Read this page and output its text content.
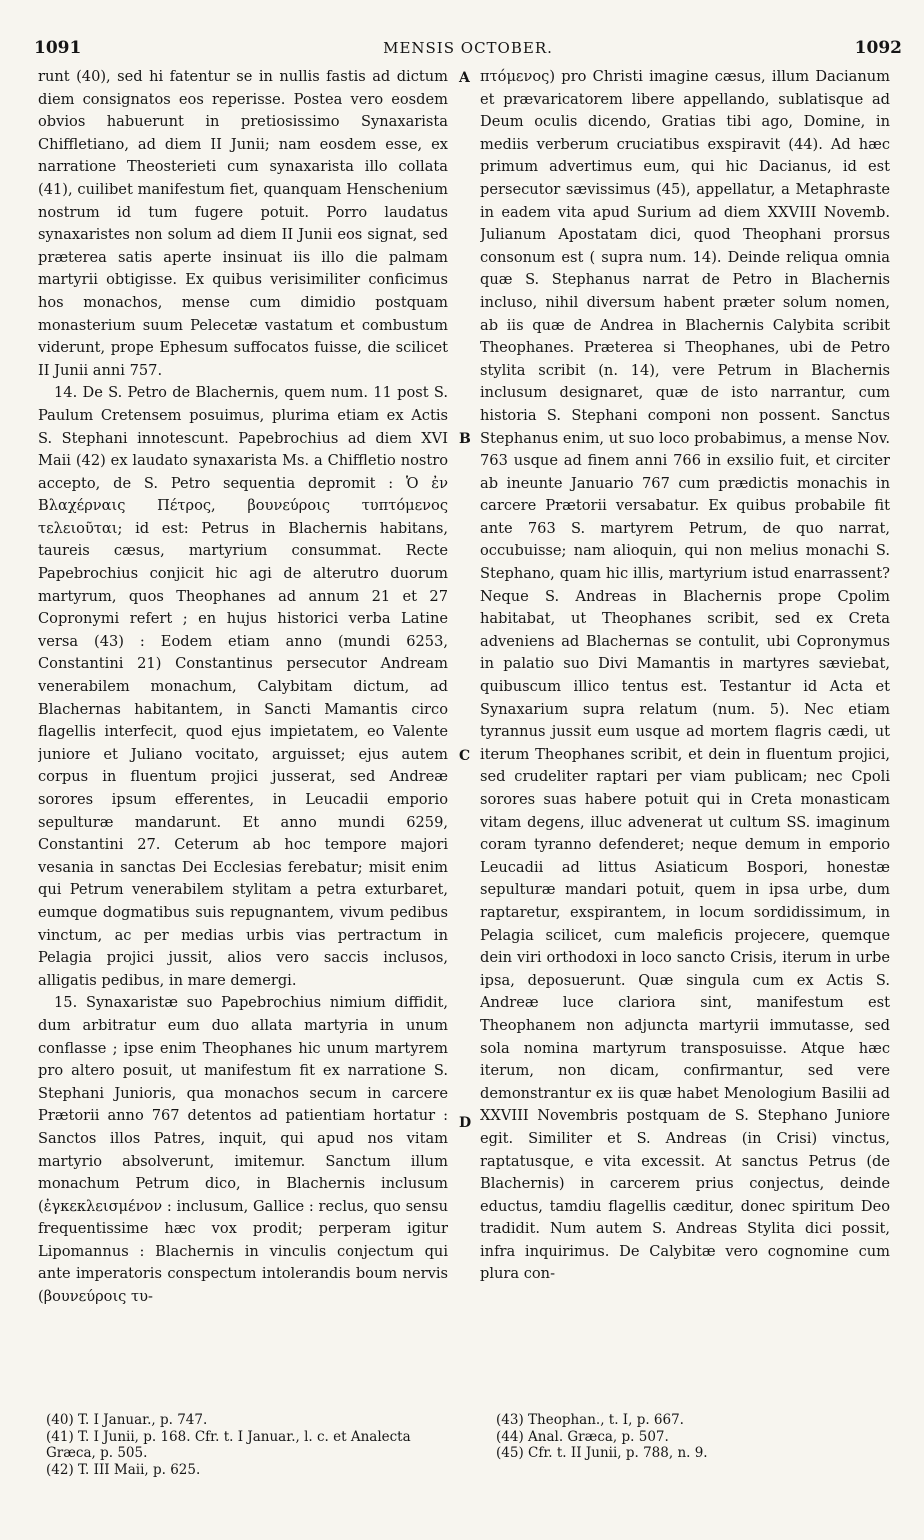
1091	MENSIS OCTOBER.	1092

runt (40), sed hi fatentur se in nullis fastis ad dictum diem consignatos eos reperisse. Postea vero eosdem obvios habuerunt in pretiosissimo Synaxarista Chiffletiano, ad diem II Junii; nam eosdem esse, ex narratione Theosterieti cum synaxarista illo collata (41), cuilibet manifestum fiet, quanquam Henschenium nostrum id tum fugere potuit. Porro laudatus synaxaristes non solum ad diem II Junii eos signat, sed præterea satis aperte insinuat iis illo die palmam martyrii obtigisse. Ex quibus verisimiliter conficimus hos monachos, mense cum dimidio postquam monasterium suum Pelecetæ vastatum et combustum viderunt, prope Ephesum suffocatos fuisse, die scilicet II Junii anni 757.

14. De S. Petro de Blachernis, quem num. 11 post S. Paulum Cretensem posuimus, plurima etiam ex Actis S. Stephani innotescunt. Papebrochius ad diem XVI Maii (42) ex laudato synaxarista Ms. a Chiffletio nostro accepto, de S. Petro sequentia depromit : Ὁ ἐν Βλαχέρναις Πέτρος, βουνεύροις τυπτόμενος τελειοῦται; id est: Petrus in Blachernis habitans, taureis cæsus, martyrium consummat. Recte Papebrochius conjicit hic agi de alterutro duorum martyrum, quos Theophanes ad annum 21 et 27 Copronymi refert ; en hujus historici verba Latine versa (43) : Eodem etiam anno (mundi 6253, Constantini 21) Constantinus persecutor Andream venerabilem monachum, Calybitam dictum, ad Blachernas habitantem, in Sancti Mamantis circo flagellis interfecit, quod ejus impietatem, eo Valente juniore et Juliano vocitato, arguisset; ejus autem corpus in fluentum projici jusserat, sed Andreæ sorores ipsum efferentes, in Leucadii emporio sepulturæ mandarunt. Et anno mundi 6259, Constantini 27. Ceterum ab hoc tempore majori vesania in sanctas Dei Ecclesias ferebatur; misit enim qui Petrum venerabilem stylitam a petra exturbaret, eumque dogmatibus suis repugnantem, vivum pedibus vinctum, ac per medias urbis vias pertractum in Pelagia projici jussit, alios vero saccis inclusos, alligatis pedibus, in mare demergi.

15. Synaxaristæ suo Papebrochius nimium diffidit, dum arbitratur eum duo allata martyria in unum conflasse ; ipse enim Theophanes hic unum martyrem pro altero posuit, ut manifestum fit ex narratione S. Stephani Junioris, qua monachos secum in carcere Prætorii anno 767 detentos ad patientiam hortatur : Sanctos illos Patres, inquit, qui apud nos vitam martyrio absolverunt, imitemur. Sanctum illum monachum Petrum dico, in Blachernis inclusum (ἐγκεκλεισμένον : inclusum, Gallice : reclus, quo sensu frequentissime hæc vox prodit; perperam igitur Lipomannus : Blachernis in vinculis conjectum qui ante imperatoris conspectum intolerandis boum nervis (βουνεύροις τυ-

A
B
C
D

πτόμενος) pro Christi imagine cæsus, illum Dacianum et prævaricatorem libere appellando, sublatisque ad Deum oculis dicendo, Gratias tibi ago, Domine, in mediis verberum cruciatibus exspiravit (44). Ad hæc primum advertimus eum, qui hic Dacianus, id est persecutor sævissimus (45), appellatur, a Metaphraste in eadem vita apud Surium ad diem XXVIII Novemb. Julianum Apostatam dici, quod Theophani prorsus consonum est ( supra num. 14). Deinde reliqua omnia quæ S. Stephanus narrat de Petro in Blachernis incluso, nihil diversum habent præter solum nomen, ab iis quæ de Andrea in Blachernis Calybita scribit Theophanes. Præterea si Theophanes, ubi de Petro stylita scribit (n. 14), vere Petrum in Blachernis inclusum designaret, quæ de isto narrantur, cum historia S. Stephani componi non possent. Sanctus Stephanus enim, ut suo loco probabimus, a mense Nov. 763 usque ad finem anni 766 in exsilio fuit, et circiter ab ineunte Januario 767 cum prædictis monachis in carcere Prætorii versabatur. Ex quibus probabile fit ante 763 S. martyrem Petrum, de quo narrat, occubuisse; nam alioquin, qui non melius monachi S. Stephano, quam hic illis, martyrium istud enarrassent? Neque S. Andreas in Blachernis prope Cpolim habitabat, ut Theophanes scribit, sed ex Creta adveniens ad Blachernas se contulit, ubi Copronymus in palatio suo Divi Mamantis in martyres sæviebat, quibuscum illico tentus est. Testantur id Acta et Synaxarium supra relatum (num. 5). Nec etiam tyrannus jussit eum usque ad mortem flagris cædi, ut iterum Theophanes scribit, et dein in fluentum projici, sed crudeliter raptari per viam publicam; nec Cpoli sorores suas habere potuit qui in Creta monasticam vitam degens, illuc advenerat ut cultum SS. imaginum coram tyranno defenderet; neque demum in emporio Leucadii ad littus Asiaticum Bospori, honestæ sepulturæ mandari potuit, quem in ipsa urbe, dum raptaretur, exspirantem, in locum sordidissimum, in Pelagia scilicet, cum maleficis projecere, quemque dein viri orthodoxi in loco sancto Crisis, iterum in urbe ipsa, deposuerunt. Quæ singula cum ex Actis S. Andreæ luce clariora sint, manifestum est Theophanem non adjuncta martyrii immutasse, sed sola nomina martyrum transposuisse. Atque hæc iterum, non dicam, confirmantur, sed vere demonstrantur ex iis quæ habet Menologium Basilii ad XXVIII Novembris postquam de S. Stephano Juniore egit. Similiter et S. Andreas (in Crisi) vinctus, raptatusque, e vita excessit. At sanctus Petrus (de Blachernis) in carcerem prius conjectus, deinde eductus, tamdiu flagellis cæditur, donec spiritum Deo tradidit. Num autem S. Andreas Stylita dici possit, infra inquirimus. De Calybitæ vero cognomine cum plura con-

(40) T. I Januar., p. 747.
(41) T. I Junii, p. 168. Cfr. t. I Januar., l. c. et Analecta Græca, p. 505.
(42) T. III Maii, p. 625.
(43) Theophan., t. I, p. 667.
(44) Anal. Græca, p. 507.
(45) Cfr. t. II Junii, p. 788, n. 9.
